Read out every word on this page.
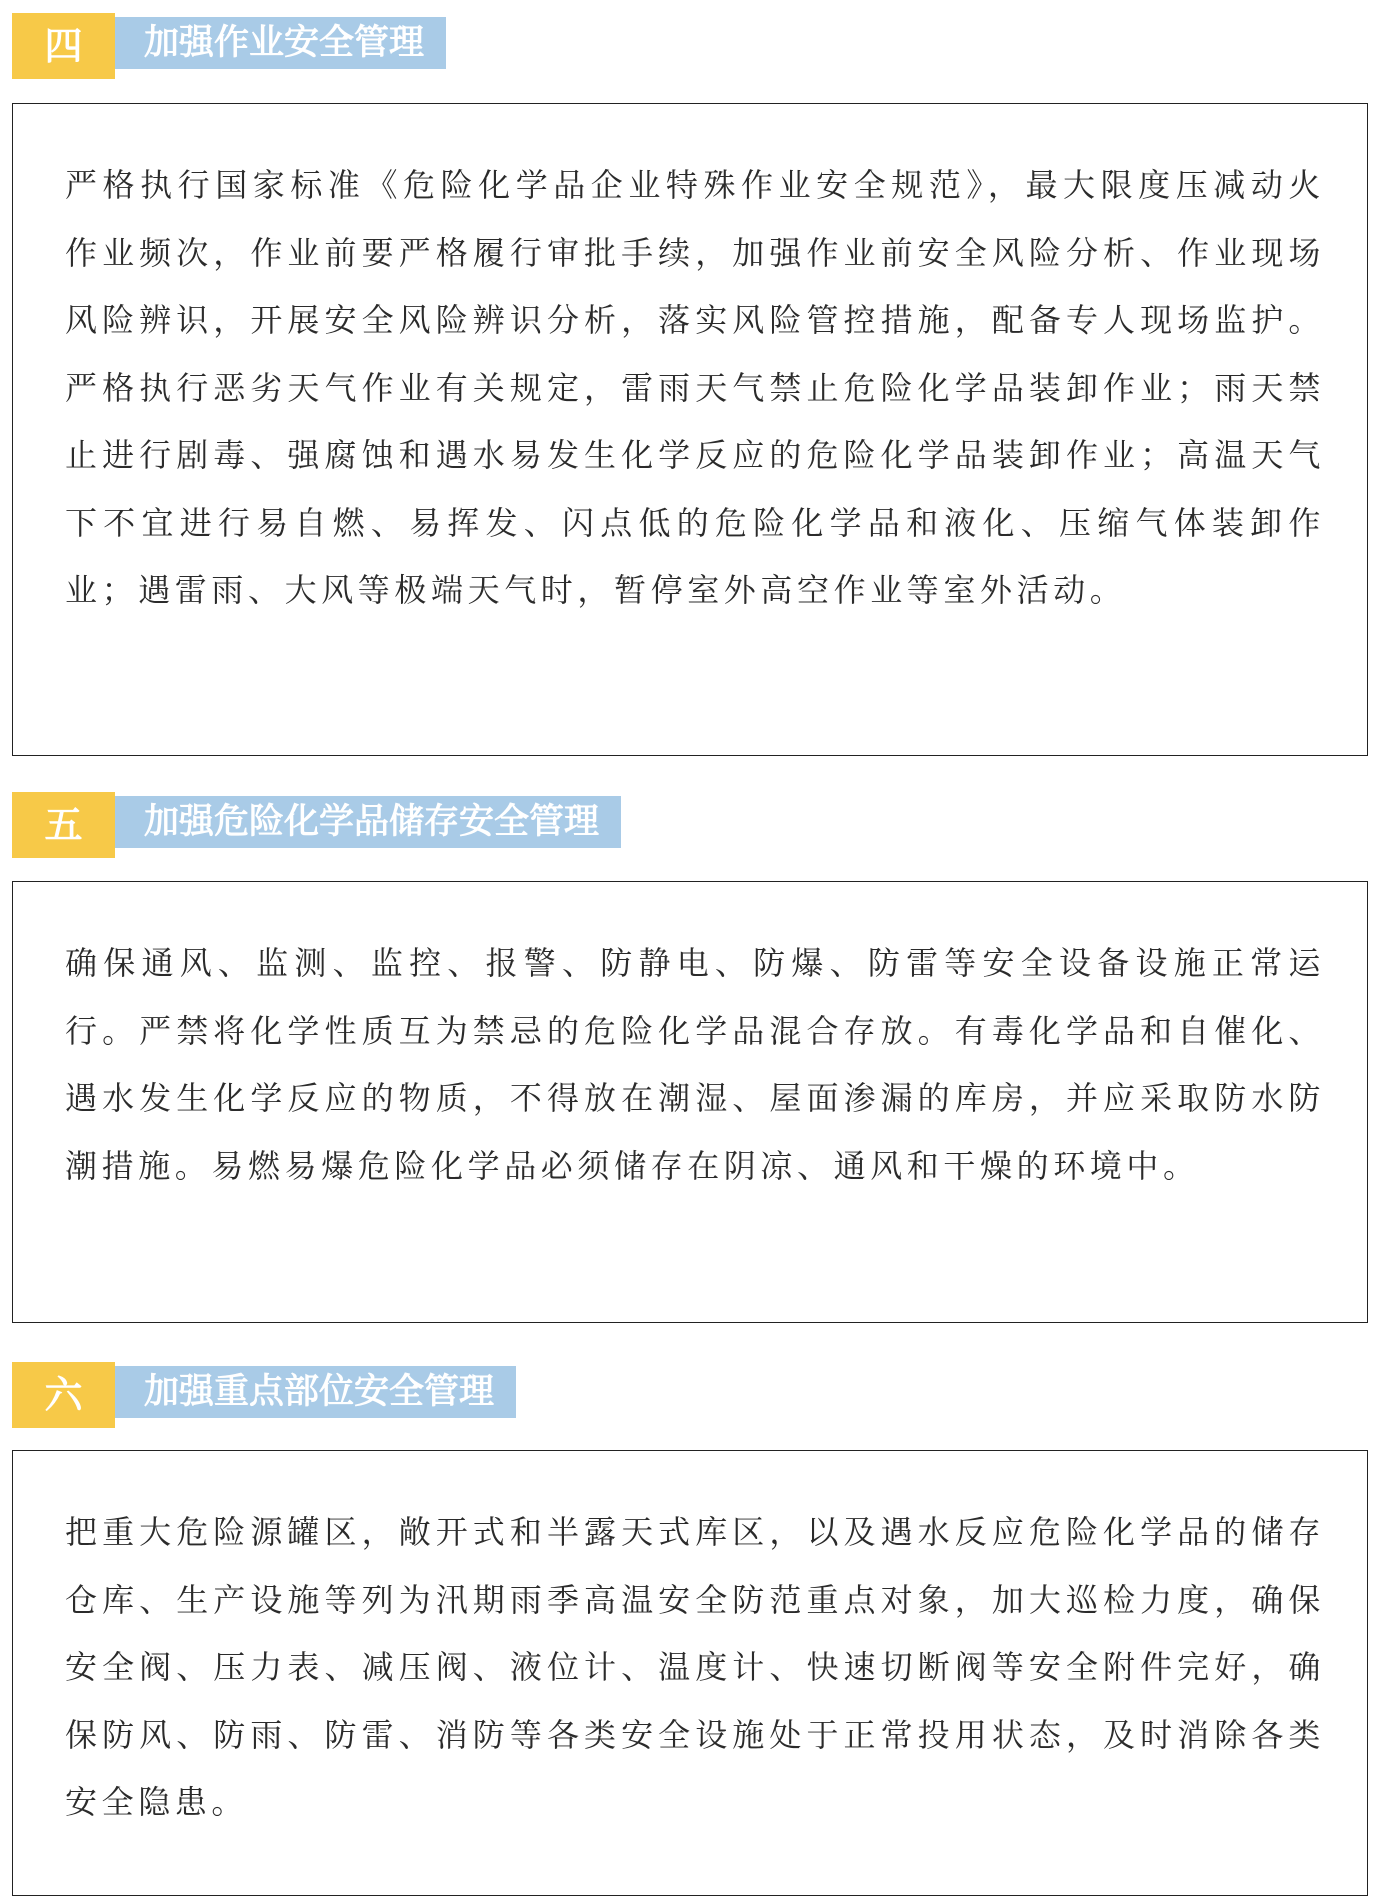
四	加强作业安全管理

严格执行国家标准《危险化学品企业特殊作业安全规范》，最大限度压减动火作业频次，作业前要严格履行审批手续，加强作业前安全风险分析、作业现场风险辨识，开展安全风险辨识分析，落实风险管控措施，配备专人现场监护。严格执行恶劣天气作业有关规定，雷雨天气禁止危险化学品装卸作业；雨天禁止进行剧毒、强腐蚀和遇水易发生化学反应的危险化学品装卸作业；高温天气下不宜进行易自燃、易挥发、闪点低的危险化学品和液化、压缩气体装卸作业；遇雷雨、大风等极端天气时，暂停室外高空作业等室外活动。

五	加强危险化学品储存安全管理

确保通风、监测、监控、报警、防静电、防爆、防雷等安全设备设施正常运行。严禁将化学性质互为禁忌的危险化学品混合存放。有毒化学品和自催化、遇水发生化学反应的物质，不得放在潮湿、屋面渗漏的库房，并应采取防水防潮措施。易燃易爆危险化学品必须储存在阴凉、通风和干燥的环境中。

六	加强重点部位安全管理

把重大危险源罐区，敞开式和半露天式库区，以及遇水反应危险化学品的储存仓库、生产设施等列为汛期雨季高温安全防范重点对象，加大巡检力度，确保安全阀、压力表、减压阀、液位计、温度计、快速切断阀等安全附件完好，确保防风、防雨、防雷、消防等各类安全设施处于正常投用状态，及时消除各类安全隐患。
